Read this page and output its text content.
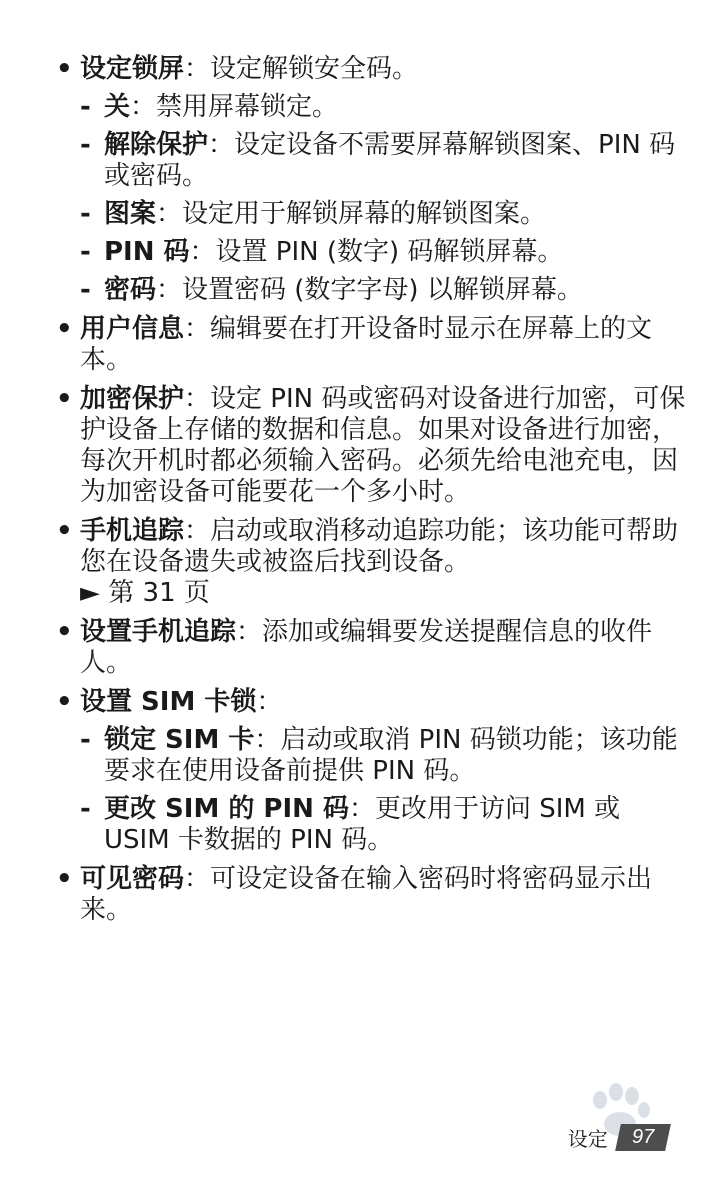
• 设定锁屏：设定解锁安全码。
- 关：禁用屏幕锁定。
- 解除保护：设定设备不需要屏幕解锁图案、PIN 码或密码。
- 图案：设定用于解锁屏幕的解锁图案。
- PIN 码：设置 PIN (数字) 码解锁屏幕。
- 密码：设置密码 (数字字母) 以解锁屏幕。
• 用户信息：编辑要在打开设备时显示在屏幕上的文本。
• 加密保护：设定 PIN 码或密码对设备进行加密，可保护设备上存储的数据和信息。如果对设备进行加密，每次开机时都必须输入密码。必须先给电池充电，因为加密设备可能要花一个多小时。
• 手机追踪：启动或取消移动追踪功能；该功能可帮助您在设备遗失或被盗后找到设备。
► 第 31 页
• 设置手机追踪：添加或编辑要发送提醒信息的收件人。
• 设置 SIM 卡锁：
- 锁定 SIM 卡：启动或取消 PIN 码锁功能；该功能要求在使用设备前提供 PIN 码。
- 更改 SIM 的 PIN 码：更改用于访问 SIM 或 USIM 卡数据的 PIN 码。
• 可见密码：可设定设备在输入密码时将密码显示出来。
设定	97
